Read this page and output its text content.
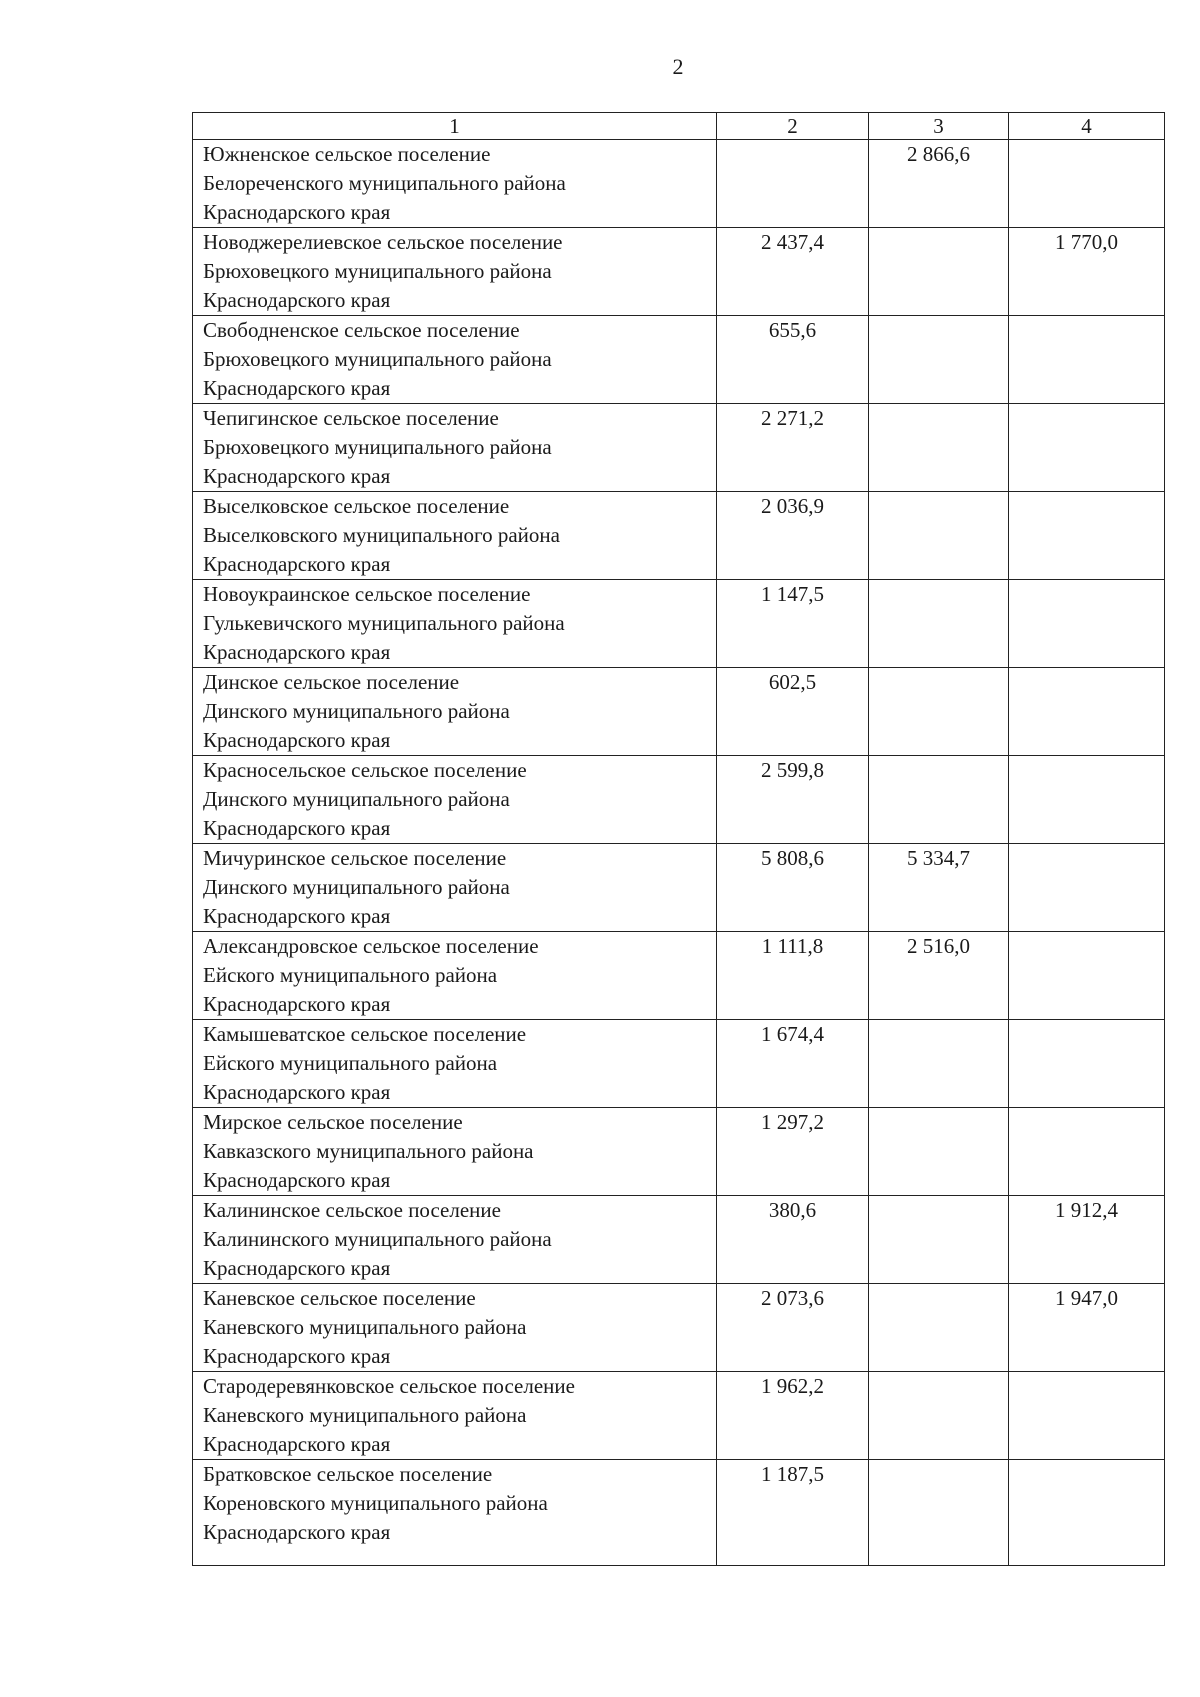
2
1	2	3	4

Южненское сельское поселение
Белореченского муниципального района
Краснодарского края		2 866,6	

Новоджерелиевское сельское поселение
Брюховецкого муниципального района
Краснодарского края	2 437,4		1 770,0

Свободненское сельское поселение
Брюховецкого муниципального района
Краснодарского края	655,6		

Чепигинское сельское поселение
Брюховецкого муниципального района
Краснодарского края	2 271,2		

Выселковское сельское поселение
Выселковского муниципального района
Краснодарского края	2 036,9		

Новоукраинское сельское поселение
Гулькевичского муниципального района
Краснодарского края	1 147,5		

Динское сельское поселение
Динского муниципального района
Краснодарского края	602,5		

Красносельское сельское поселение
Динского муниципального района
Краснодарского края	2 599,8		

Мичуринское сельское поселение
Динского муниципального района
Краснодарского края	5 808,6	5 334,7	

Александровское сельское поселение
Ейского муниципального района
Краснодарского края	1 111,8	2 516,0	

Камышеватское сельское поселение
Ейского муниципального района
Краснодарского края	1 674,4		

Мирское сельское поселение
Кавказского муниципального района
Краснодарского края	1 297,2		

Калининское сельское поселение
Калининского муниципального района
Краснодарского края	380,6		1 912,4

Каневское сельское поселение
Каневского муниципального района
Краснодарского края	2 073,6		1 947,0

Стародеревянковское сельское поселение
Каневского муниципального района
Краснодарского края	1 962,2		

Братковское сельское поселение
Кореновского муниципального района
Краснодарского края	1 187,5		
